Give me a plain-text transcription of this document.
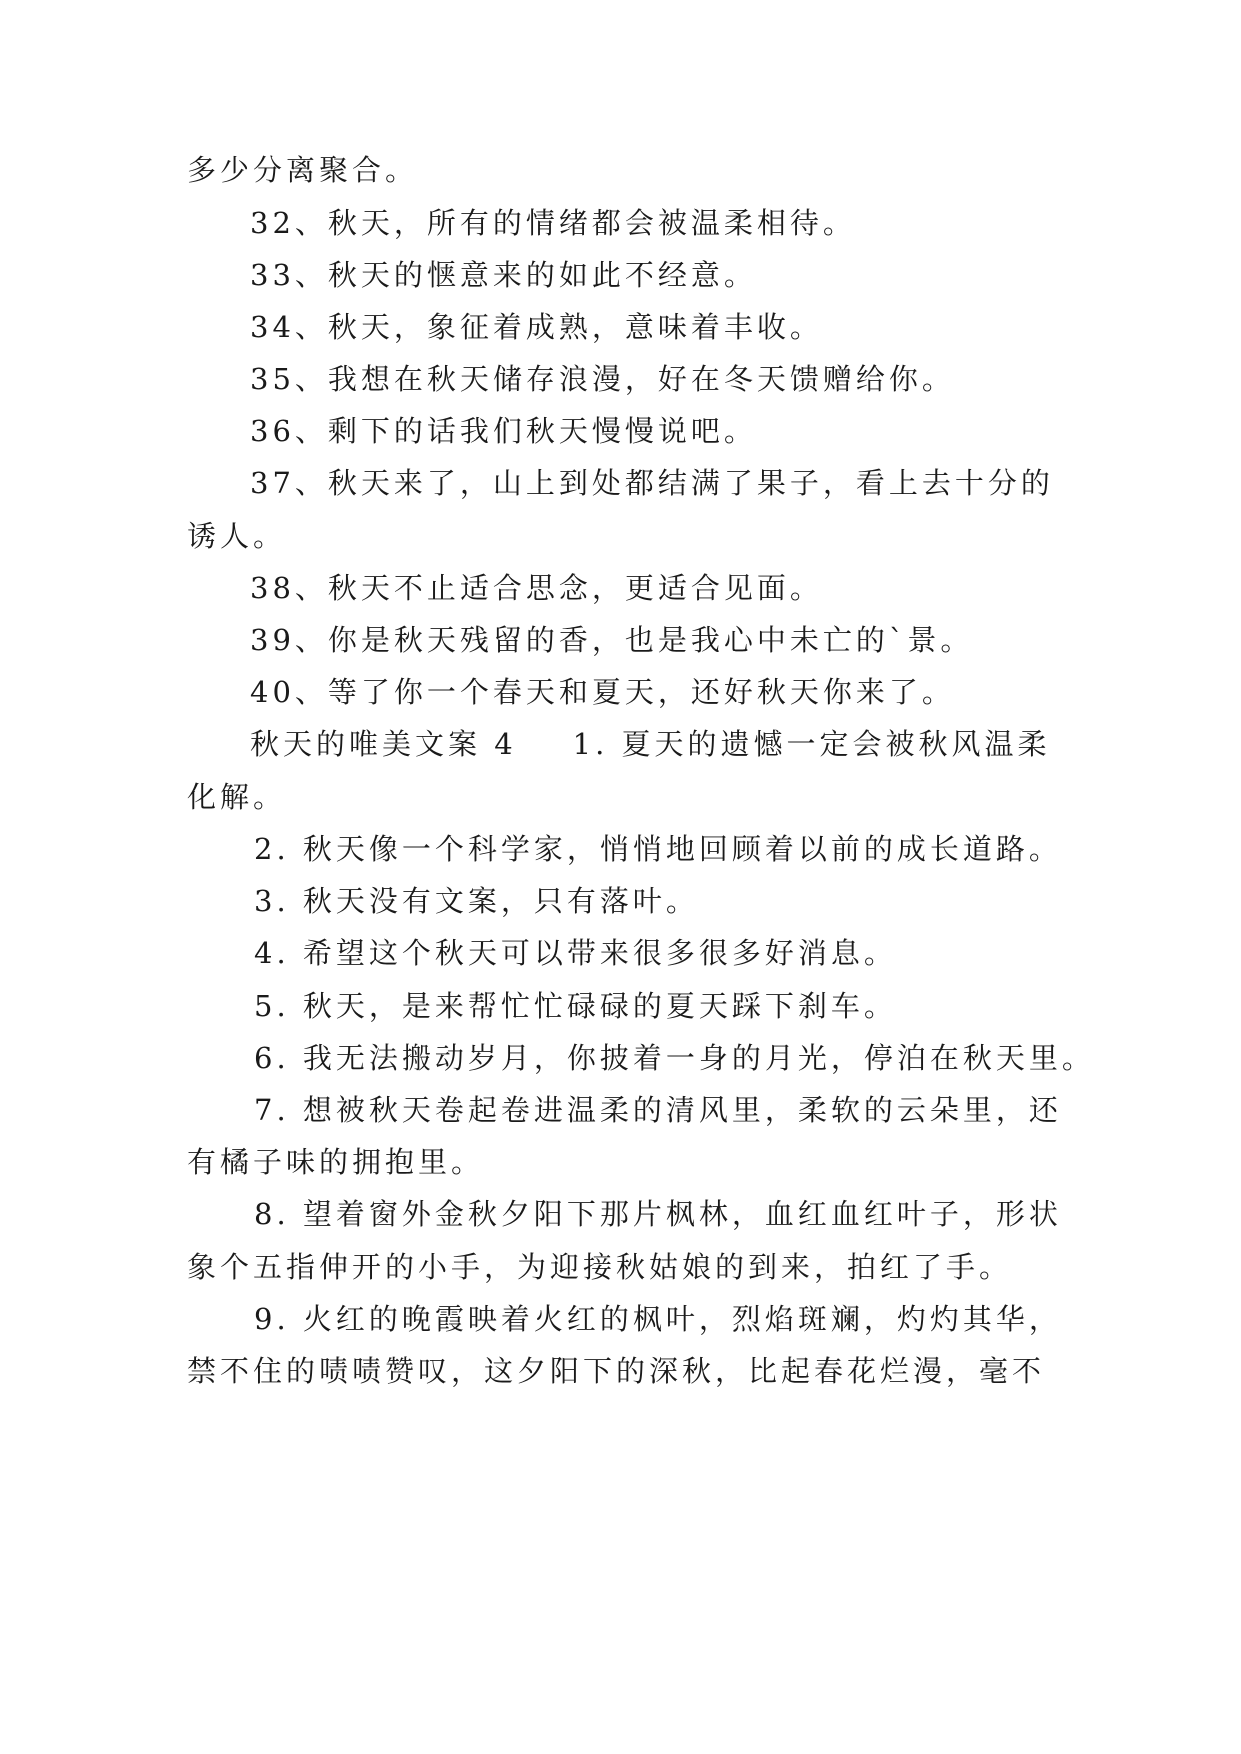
多少分离聚合。
32、秋天，所有的情绪都会被温柔相待。
33、秋天的惬意来的如此不经意。
34、秋天，象征着成熟，意味着丰收。
35、我想在秋天储存浪漫，好在冬天馈赠给你。
36、剩下的话我们秋天慢慢说吧。
37、秋天来了，山上到处都结满了果子，看上去十分的
诱人。
38、秋天不止适合思念，更适合见面。
39、你是秋天残留的香，也是我心中未亡的`景。
40、等了你一个春天和夏天，还好秋天你来了。
秋天的唯美文案 4 1. 夏天的遗憾一定会被秋风温柔
化解。
2. 秋天像一个科学家，悄悄地回顾着以前的成长道路。
3. 秋天没有文案，只有落叶。
4. 希望这个秋天可以带来很多很多好消息。
5. 秋天，是来帮忙忙碌碌的夏天踩下刹车。
6. 我无法搬动岁月，你披着一身的月光，停泊在秋天里。
7. 想被秋天卷起卷进温柔的清风里，柔软的云朵里，还
有橘子味的拥抱里。
8. 望着窗外金秋夕阳下那片枫林，血红血红叶子，形状
象个五指伸开的小手，为迎接秋姑娘的到来，拍红了手。
9. 火红的晚霞映着火红的枫叶，烈焰斑斓，灼灼其华，
禁不住的啧啧赞叹，这夕阳下的深秋，比起春花烂漫，毫不
